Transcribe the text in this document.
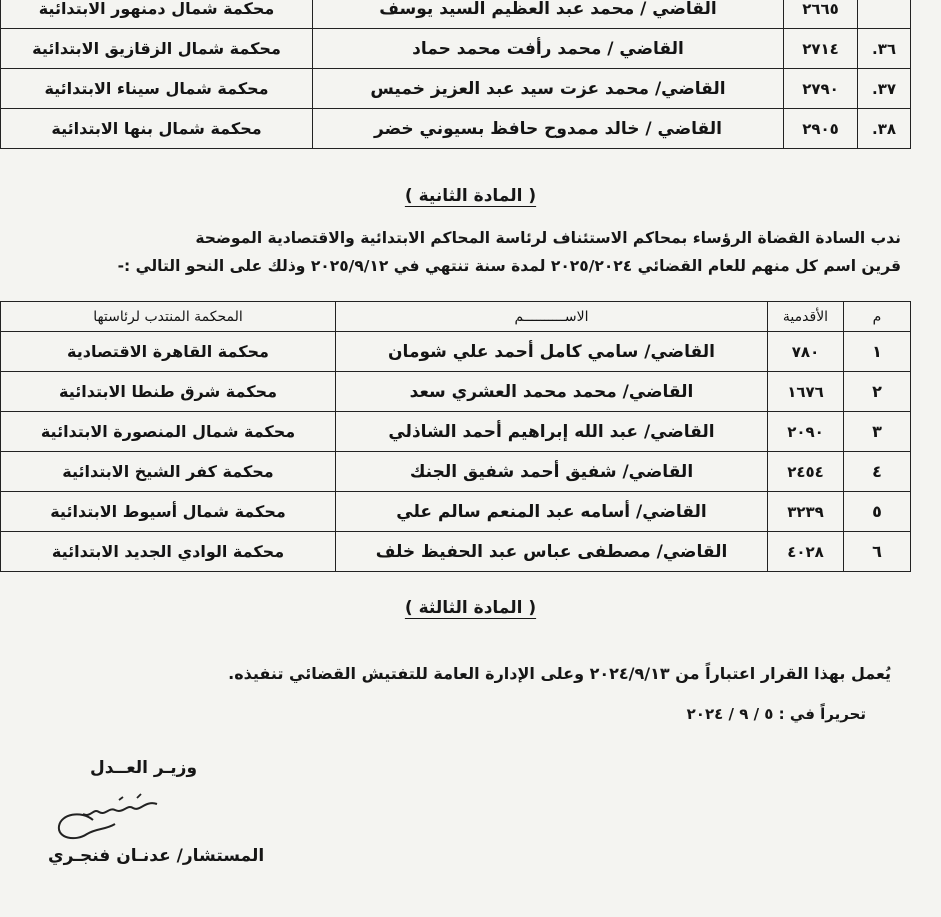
	٢٦٦٥	القاضي / محمد عبد العظيم السيد يوسف	محكمة شمال دمنهور الابتدائية
٣٦.	٢٧١٤	القاضي / محمد رأفت محمد حماد	محكمة شمال الزقازيق الابتدائية
٣٧.	٢٧٩٠	القاضي/ محمد عزت سيد عبد العزيز خميس	محكمة شمال سيناء الابتدائية
٣٨.	٢٩٠٥	القاضي / خالد ممدوح حافظ بسيوني خضر	محكمة شمال بنها الابتدائية
( المادة الثانية )
ندب السادة القضاة الرؤساء بمحاكم الاستئناف لرئاسة المحاكم الابتدائية والاقتصادية الموضحة
قرين اسم كل منهم للعام القضائي ٢٠٢٥/٢٠٢٤ لمدة سنة تنتهي في ٢٠٢٥/٩/١٢ وذلك على النحو التالي :-
م	الأقدمية	الاســــــــــم	المحكمة المنتدب لرئاستها
١	٧٨٠	القاضي/ سامي كامل أحمد علي شومان	محكمة القاهرة الاقتصادية
٢	١٦٧٦	القاضي/ محمد محمد العشري سعد	محكمة شرق طنطا الابتدائية
٣	٢٠٩٠	القاضي/ عبد الله إبراهيم أحمد الشاذلي	محكمة شمال المنصورة الابتدائية
٤	٢٤٥٤	القاضي/ شفيق أحمد شفيق الجنك	محكمة كفر الشيخ الابتدائية
٥	٣٢٣٩	القاضي/ أسامه عبد المنعم سالم علي	محكمة شمال أسيوط الابتدائية
٦	٤٠٢٨	القاضي/ مصطفى عباس عبد الحفيظ خلف	محكمة الوادي الجديد الابتدائية
( المادة الثالثة )
يُعمل بهذا القرار اعتباراً من ٢٠٢٤/٩/١٣ وعلى الإدارة العامة للتفتيش القضائي تنفيذه.
تحريراً في : ٥ / ٩ / ٢٠٢٤
وزيـر العــدل
المستشار/ عدنـان فنجـري
